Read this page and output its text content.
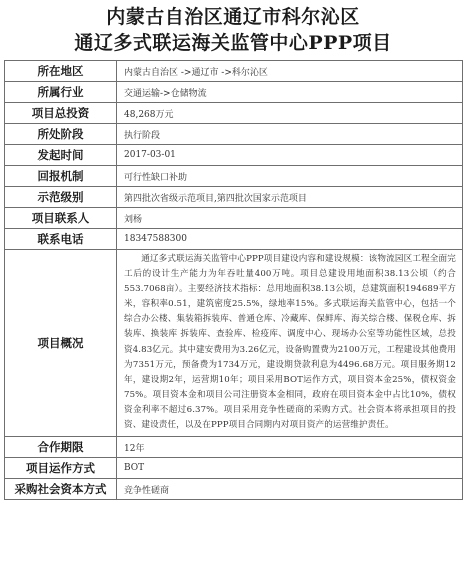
内蒙古自治区通辽市科尔沁区
通辽多式联运海关监管中心PPP项目
所在地区	内蒙古自治区 ->通辽市 ->科尔沁区
所属行业	交通运输->仓储物流
项目总投资	48,268万元
所处阶段	执行阶段
发起时间	2017-03-01
回报机制	可行性缺口补助
示范级别	第四批次省级示范项目,第四批次国家示范项目
项目联系人	刘杨
联系电话	18347588300
项目概况	通辽多式联运海关监管中心PPP项目建设内容和建设规模：该物流园区工程全面完工后的设计生产能力为年吞吐量400万吨。项目总建设用地面积38.13公顷（约合553.7068亩）。主要经济技术指标：总用地面积38.13公顷，总建筑面积194689平方米，容积率0.51，建筑密度25.5%，绿地率15%。多式联运海关监管中心，包括一个综合办公楼、集装箱拆装库、普通仓库、冷藏库、保鲜库、海关综合楼、保税仓库、拆装库、换装库 拆装库、查验库、检疫库、调度中心、现场办公室等功能性区域，总投资4.83亿元。其中建安费用为3.26亿元，设备购置费为2100万元，工程建设其他费用为7351万元，预备费为1734万元，建设期贷款利息为4496.68万元。项目服务期12年，建设期2年，运营期10年；项目采用BOT运作方式，项目资本金25%，债权资金75%。项目资本金和项目公司注册资本金相同，政府在项目资本金中占比10%，债权资金利率不超过6.37%。项目采用竞争性磋商的采购方式。社会资本将承担项目的投资、建设责任，以及在PPP项目合同期内对项目资产的运营维护责任。
合作期限	12年
项目运作方式	BOT
采购社会资本方式	竞争性磋商
